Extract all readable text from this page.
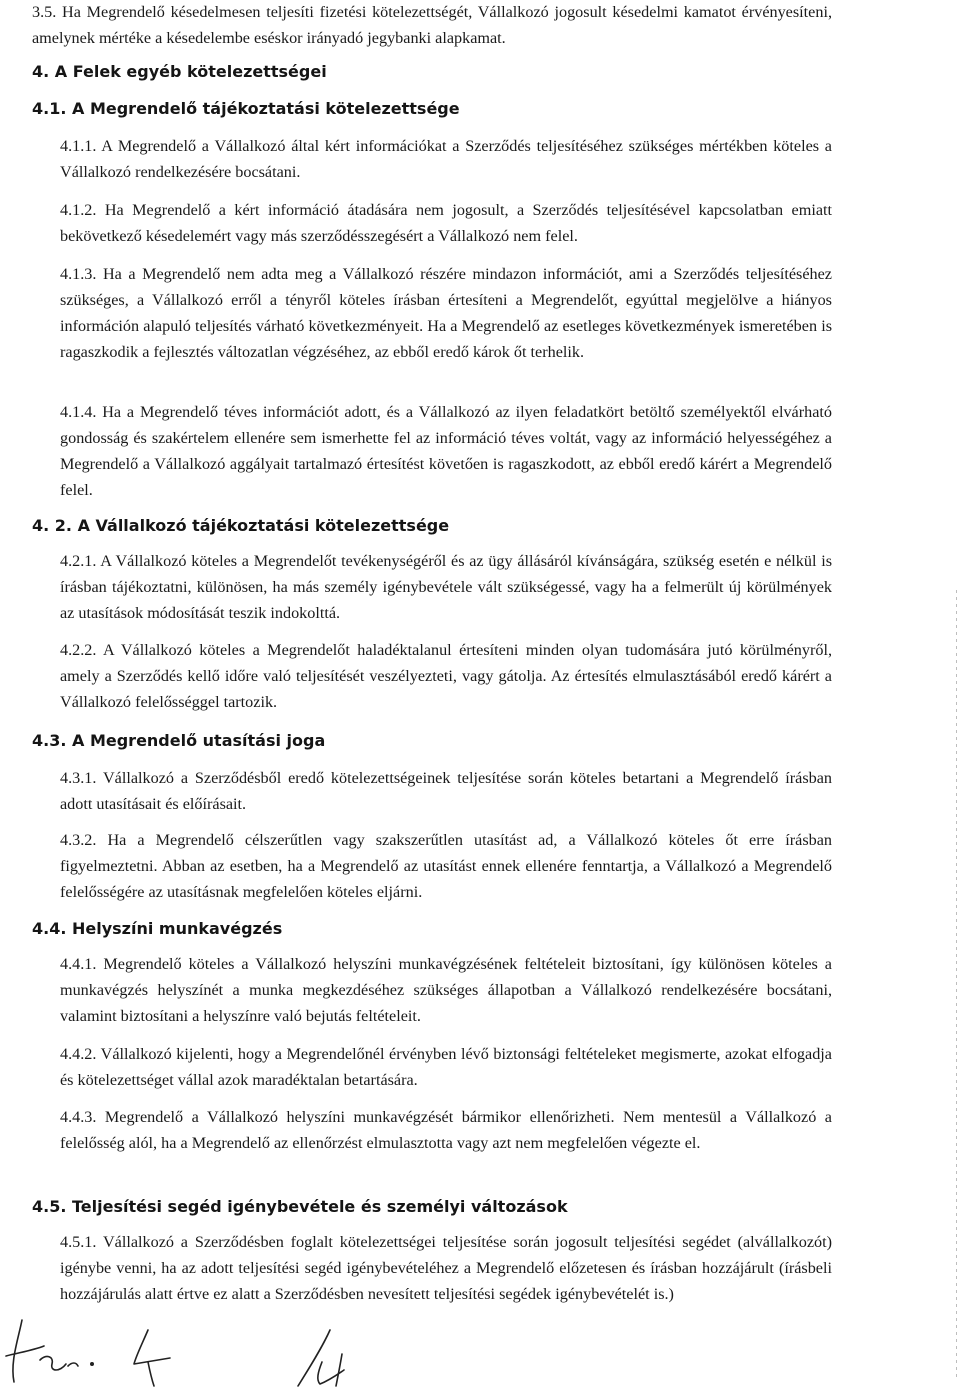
3.5. Ha Megrendelő késedelmesen teljesíti fizetési kötelezettségét, Vállalkozó jogosult késedelmi kamatot érvényesíteni, amelynek mértéke a késedelembe eséskor irányadó jegybanki alapkamat.

4. A Felek egyéb kötelezettségei
4.1. A Megrendelő tájékoztatási kötelezettsége

4.1.1. A Megrendelő a Vállalkozó által kért információkat a Szerződés teljesítéséhez szükséges mértékben köteles a Vállalkozó rendelkezésére bocsátani.

4.1.2. Ha Megrendelő a kért információ átadására nem jogosult, a Szerződés teljesítésével kapcsolatban emiatt bekövetkező késedelemért vagy más szerződésszegésért a Vállalkozó nem felel.

4.1.3. Ha a Megrendelő nem adta meg a Vállalkozó részére mindazon információt, ami a Szerződés teljesítéséhez szükséges, a Vállalkozó erről a tényről köteles írásban értesíteni a Megrendelőt, egyúttal megjelölve a hiányos információn alapuló teljesítés várható következményeit. Ha a Megrendelő az esetleges következmények ismeretében is ragaszkodik a fejlesztés változatlan végzéséhez, az ebből eredő károk őt terhelik.

4.1.4. Ha a Megrendelő téves információt adott, és a Vállalkozó az ilyen feladatkört betöltő személyektől elvárható gondosság és szakértelem ellenére sem ismerhette fel az információ téves voltát, vagy az információ helyességéhez a Megrendelő a Vállalkozó aggályait tartalmazó értesítést követően is ragaszkodott, az ebből eredő kárért a Megrendelő felel.

4. 2. A Vállalkozó tájékoztatási kötelezettsége

4.2.1. A Vállalkozó köteles a Megrendelőt tevékenységéről és az ügy állásáról kívánságára, szükség esetén e nélkül is írásban tájékoztatni, különösen, ha más személy igénybevétele vált szükségessé, vagy ha a felmerült új körülmények az utasítások módosítását teszik indokolttá.

4.2.2. A Vállalkozó köteles a Megrendelőt haladéktalanul értesíteni minden olyan tudomására jutó körülményről, amely a Szerződés kellő időre való teljesítését veszélyezteti, vagy gátolja. Az értesítés elmulasztásából eredő kárért a Vállalkozó felelősséggel tartozik.

4.3. A Megrendelő utasítási joga

4.3.1. Vállalkozó a Szerződésből eredő kötelezettségeinek teljesítése során köteles betartani a Megrendelő írásban adott utasításait és előírásait.

4.3.2. Ha a Megrendelő célszerűtlen vagy szakszerűtlen utasítást ad, a Vállalkozó köteles őt erre írásban figyelmeztetni. Abban az esetben, ha a Megrendelő az utasítást ennek ellenére fenntartja, a Vállalkozó a Megrendelő felelősségére az utasításnak megfelelően köteles eljárni.

4.4. Helyszíni munkavégzés

4.4.1. Megrendelő köteles a Vállalkozó helyszíni munkavégzésének feltételeit biztosítani, így különösen köteles a munkavégzés helyszínét a munka megkezdéséhez szükséges állapotban a Vállalkozó rendelkezésére bocsátani, valamint biztosítani a helyszínre való bejutás feltételeit.

4.4.2. Vállalkozó kijelenti, hogy a Megrendelőnél érvényben lévő biztonsági feltételeket megismerte, azokat elfogadja és kötelezettséget vállal azok maradéktalan betartására.

4.4.3. Megrendelő a Vállalkozó helyszíni munkavégzését bármikor ellenőrizheti. Nem mentesül a Vállalkozó a felelősség alól, ha a Megrendelő az ellenőrzést elmulasztotta vagy azt nem megfelelően végezte el.

4.5. Teljesítési segéd igénybevétele és személyi változások

4.5.1. Vállalkozó a Szerződésben foglalt kötelezettségei teljesítése során jogosult teljesítési segédet (alvállalkozót) igénybe venni, ha az adott teljesítési segéd igénybevételéhez a Megrendelő előzetesen és írásban hozzájárult (írásbeli hozzájárulás alatt értve ez alatt a Szerződésben nevesített teljesítési segédek igénybevételét is.)
